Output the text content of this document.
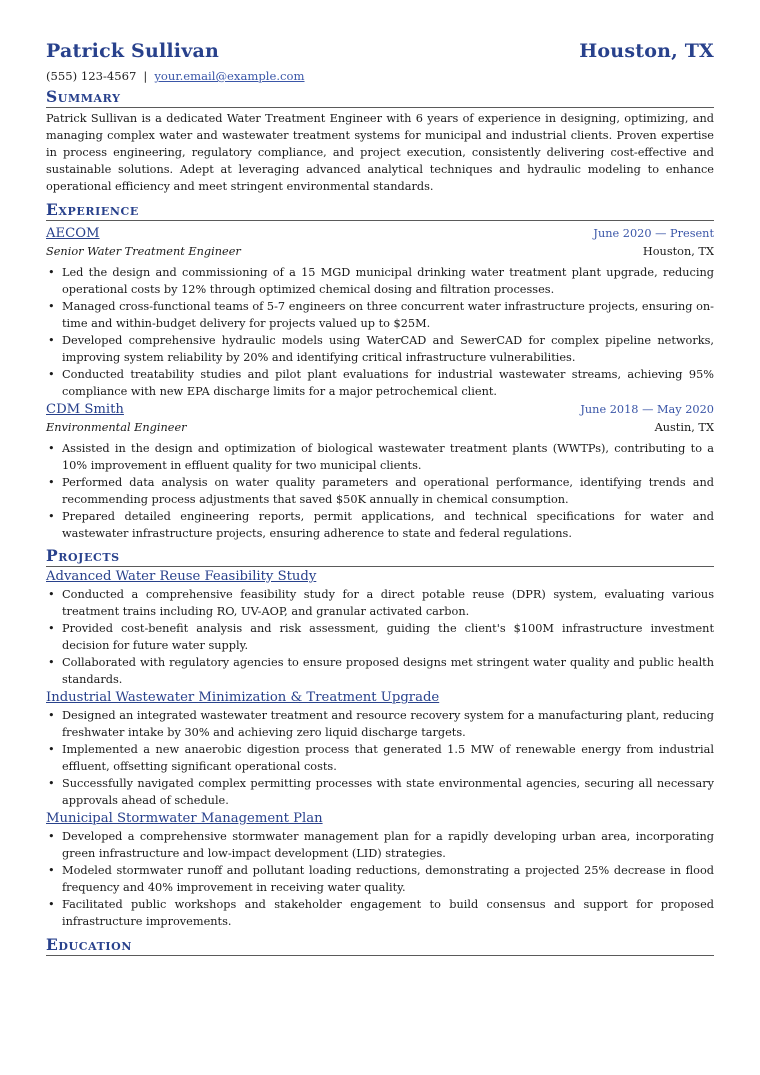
Patrick Sullivan	Houston, TX
(555) 123-4567 | your.email@example.com
Summary
Patrick Sullivan is a dedicated Water Treatment Engineer with 6 years of experience in designing, optimizing, and managing complex water and wastewater treatment systems for municipal and industrial clients. Proven expertise in process engineering, regulatory compliance, and project execution, consistently delivering cost-effective and sustainable solutions. Adept at leveraging advanced analytical techniques and hydraulic modeling to enhance operational efficiency and meet stringent environmental standards.
Experience
AECOM	June 2020 — Present
Senior Water Treatment Engineer	Houston, TX
• Led the design and commissioning of a 15 MGD municipal drinking water treatment plant upgrade, reducing operational costs by 12% through optimized chemical dosing and filtration processes.
• Managed cross-functional teams of 5-7 engineers on three concurrent water infrastructure projects, ensuring on-time and within-budget delivery for projects valued up to $25M.
• Developed comprehensive hydraulic models using WaterCAD and SewerCAD for complex pipeline networks, improving system reliability by 20% and identifying critical infrastructure vulnerabilities.
• Conducted treatability studies and pilot plant evaluations for industrial wastewater streams, achieving 95% compliance with new EPA discharge limits for a major petrochemical client.
CDM Smith	June 2018 — May 2020
Environmental Engineer	Austin, TX
• Assisted in the design and optimization of biological wastewater treatment plants (WWTPs), contributing to a 10% improvement in effluent quality for two municipal clients.
• Performed data analysis on water quality parameters and operational performance, identifying trends and recommending process adjustments that saved $50K annually in chemical consumption.
• Prepared detailed engineering reports, permit applications, and technical specifications for water and wastewater infrastructure projects, ensuring adherence to state and federal regulations.
Projects
Advanced Water Reuse Feasibility Study
• Conducted a comprehensive feasibility study for a direct potable reuse (DPR) system, evaluating various treatment trains including RO, UV-AOP, and granular activated carbon.
• Provided cost-benefit analysis and risk assessment, guiding the client's $100M infrastructure investment decision for future water supply.
• Collaborated with regulatory agencies to ensure proposed designs met stringent water quality and public health standards.
Industrial Wastewater Minimization & Treatment Upgrade
• Designed an integrated wastewater treatment and resource recovery system for a manufacturing plant, reducing freshwater intake by 30% and achieving zero liquid discharge targets.
• Implemented a new anaerobic digestion process that generated 1.5 MW of renewable energy from industrial effluent, offsetting significant operational costs.
• Successfully navigated complex permitting processes with state environmental agencies, securing all necessary approvals ahead of schedule.
Municipal Stormwater Management Plan
• Developed a comprehensive stormwater management plan for a rapidly developing urban area, incorporating green infrastructure and low-impact development (LID) strategies.
• Modeled stormwater runoff and pollutant loading reductions, demonstrating a projected 25% decrease in flood frequency and 40% improvement in receiving water quality.
• Facilitated public workshops and stakeholder engagement to build consensus and support for proposed infrastructure improvements.
Education
